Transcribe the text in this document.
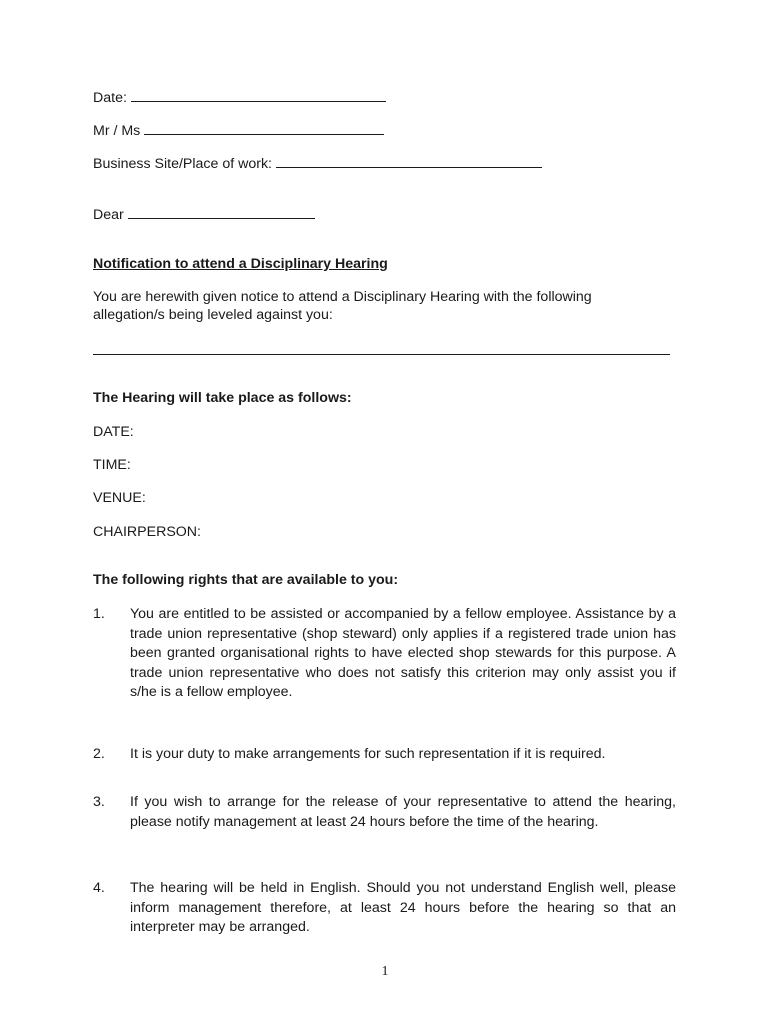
Date:
Mr / Ms
Business Site/Place of work:
Dear
Notification to attend a Disciplinary Hearing
You are herewith given notice to attend a Disciplinary Hearing with the following allegation/s being leveled against you:
The Hearing will take place as follows:
DATE:
TIME:
VENUE:
CHAIRPERSON:
The following rights that are available to you:
1. You are entitled to be assisted or accompanied by a fellow employee. Assistance by a trade union representative (shop steward) only applies if a registered trade union has been granted organisational rights to have elected shop stewards for this purpose. A trade union representative who does not satisfy this criterion may only assist you if s/he is a fellow employee.
2. It is your duty to make arrangements for such representation if it is required.
3. If you wish to arrange for the release of your representative to attend the hearing, please notify management at least 24 hours before the time of the hearing.
4. The hearing will be held in English. Should you not understand English well, please inform management therefore, at least 24 hours before the hearing so that an interpreter may be arranged.
1
